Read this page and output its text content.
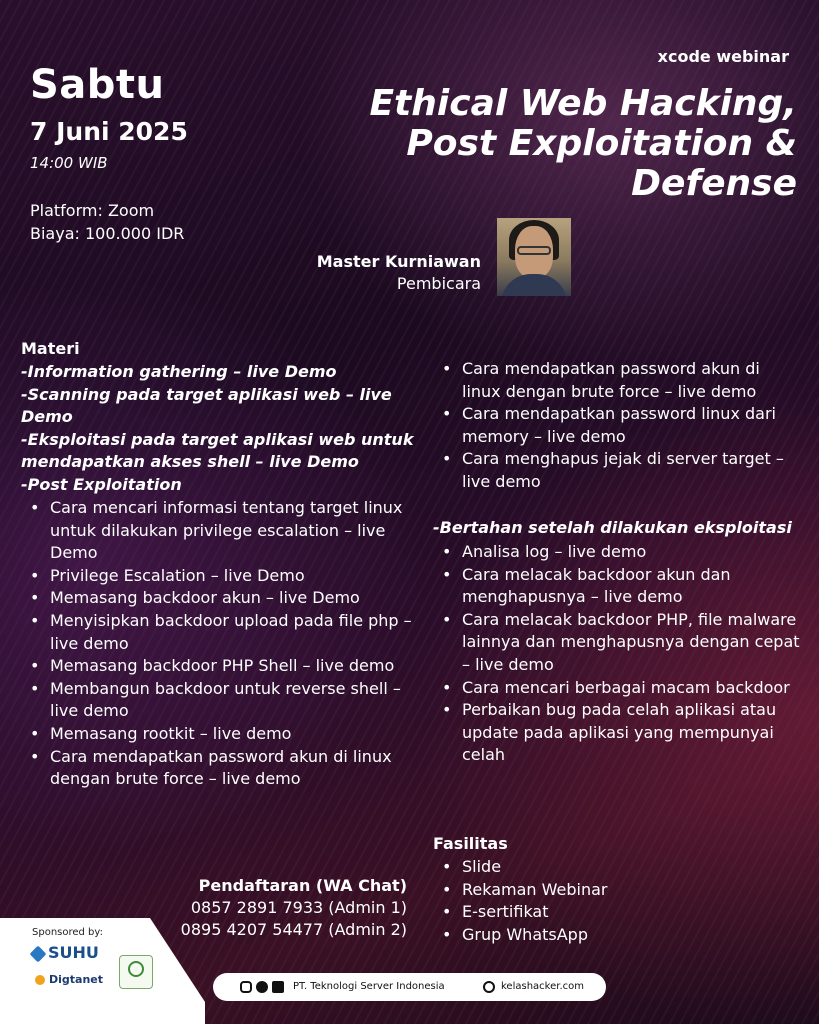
Sabtu
7 Juni 2025
14:00 WIB
Platform: Zoom
Biaya: 100.000 IDR
xcode webinar
Ethical Web Hacking,
Post Exploitation &
Defense
Master Kurniawan
Pembicara
Materi
-Information gathering – live Demo
-Scanning pada target aplikasi web – live Demo
-Eksploitasi pada target aplikasi web untuk mendapatkan akses shell – live Demo
-Post Exploitation
• Cara mencari informasi tentang target linux untuk dilakukan privilege escalation – live Demo
• Privilege Escalation – live Demo
• Memasang backdoor akun – live Demo
• Menyisipkan backdoor upload pada file php – live demo
• Memasang backdoor PHP Shell – live demo
• Membangun backdoor untuk reverse shell – live demo
• Memasang rootkit – live demo
• Cara mendapatkan password akun di linux dengan brute force – live demo
• Cara mendapatkan password akun di linux dengan brute force – live demo
• Cara mendapatkan password linux dari memory – live demo
• Cara menghapus jejak di server target – live demo
-Bertahan setelah dilakukan eksploitasi
• Analisa log – live demo
• Cara melacak backdoor akun dan menghapusnya – live demo
• Cara melacak backdoor PHP, file malware lainnya dan menghapusnya dengan cepat – live demo
• Cara mencari berbagai macam backdoor
• Perbaikan bug pada celah aplikasi atau update pada aplikasi yang mempunyai celah
Fasilitas
• Slide
• Rekaman Webinar
• E-sertifikat
• Grup WhatsApp
Pendaftaran (WA Chat)
0857 2891 7933 (Admin 1)
0895 4207 54477 (Admin 2)
Sponsored by:
SUHU
Digtanet
PT. Teknologi Server Indonesia	kelashacker.com
